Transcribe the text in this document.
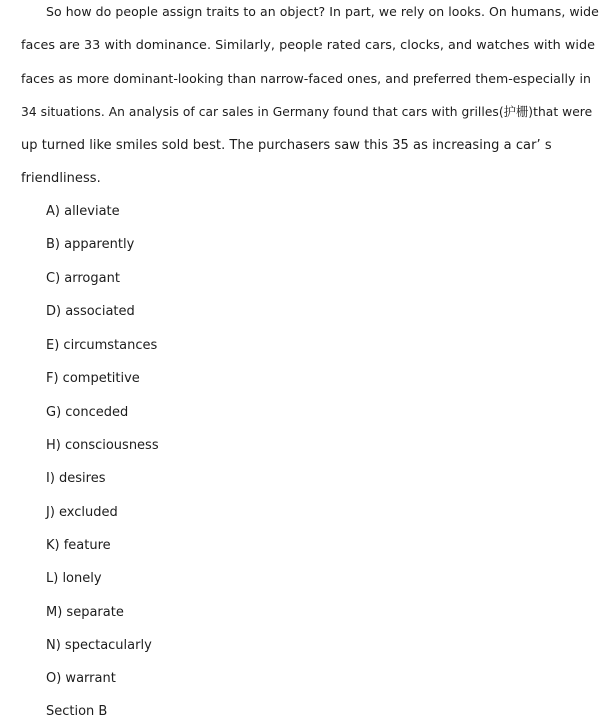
So how do people assign traits to an object? In part, we rely on looks. On humans, wide
faces are 33 with dominance. Similarly, people rated cars, clocks, and watches with wide
faces as more dominant-looking than narrow-faced ones, and preferred them-especially in
34 situations. An analysis of car sales in Germany found that cars with grilles(护栅)that were
up turned like smiles sold best. The purchasers saw this 35 as increasing a car’ s
friendliness.
A) alleviate
B) apparently
C) arrogant
D) associated
E) circumstances
F) competitive
G) conceded
H) consciousness
I) desires
J) excluded
K) feature
L) lonely
M) separate
N) spectacularly
O) warrant
Section B
